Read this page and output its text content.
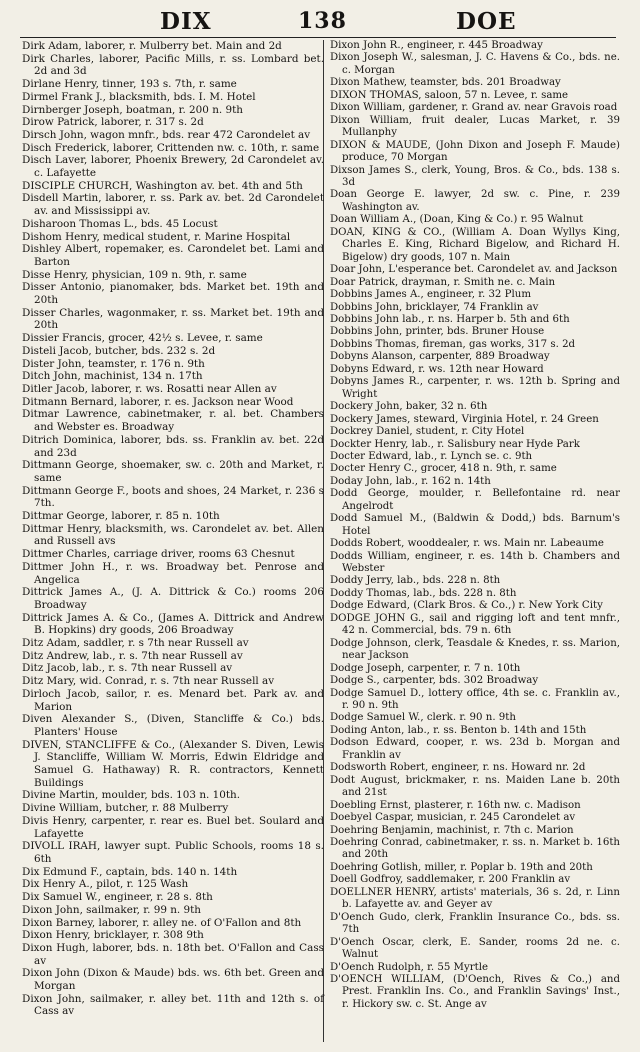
DIX	138	DOE
Dirk Adam, laborer, r. Mulberry bet. Main and 2d
Dirk Charles, laborer, Pacific Mills, r. ss. Lombard bet. 2d and 3d
Dirlane Henry, tinner, 193 s. 7th, r. same
Dirmel Frank J., blacksmith, bds. I. M. Hotel
Dirnberger Joseph, boatman, r. 200 n. 9th
Dirow Patrick, laborer, r. 317 s. 2d
Dirsch John, wagon mnfr., bds. rear 472 Carondelet av
Disch Frederick, laborer, Crittenden nw. c. 10th, r. same
Disch Laver, laborer, Phoenix Brewery, 2d Carondelet av. c. Lafayette
DISCIPLE CHURCH, Washington av. bet. 4th and 5th
Disdell Martin, laborer, r. ss. Park av. bet. 2d Carondelet av. and Mississippi av.
Disharoon Thomas L., bds. 45 Locust
Dishom Henry, medical student, r. Marine Hospital
Dishley Albert, ropemaker, es. Carondelet bet. Lami and Barton
Disse Henry, physician, 109 n. 9th, r. same
Disser Antonio, pianomaker, bds. Market bet. 19th and 20th
Disser Charles, wagonmaker, r. ss. Market bet. 19th and 20th
Dissier Francis, grocer, 42½ s. Levee, r. same
Disteli Jacob, butcher, bds. 232 s. 2d
Dister John, teamster, r. 176 n. 9th
Ditch John, machinist, 134 n. 17th
Ditler Jacob, laborer, r. ws. Rosatti near Allen av
Ditmann Bernard, laborer, r. es. Jackson near Wood
Ditmar Lawrence, cabinetmaker, r. al. bet. Chambers and Webster es. Broadway
Ditrich Dominica, laborer, bds. ss. Franklin av. bet. 22d and 23d
Dittmann George, shoemaker, sw. c. 20th and Market, r. same
Dittmann George F., boots and shoes, 24 Market, r. 236 s 7th.
Dittmar George, laborer, r. 85 n. 10th
Dittmar Henry, blacksmith, ws. Carondelet av. bet. Allen and Russell avs
Dittmer Charles, carriage driver, rooms 63 Chesnut
Dittmer John H., r. ws. Broadway bet. Penrose and Angelica
Dittrick James A., (J. A. Dittrick & Co.) rooms 206 Broadway
Dittrick James A. & Co., (James A. Dittrick and Andrew B. Hopkins) dry goods, 206 Broadway
Ditz Adam, saddler, r. s 7th near Russell av
Ditz Andrew, lab., r. s. 7th near Russell av
Ditz Jacob, lab., r. s. 7th near Russell av
Ditz Mary, wid. Conrad, r. s. 7th near Russell av
Dirloch Jacob, sailor, r. es. Menard bet. Park av. and Marion
Diven Alexander S., (Diven, Stancliffe & Co.) bds. Planters' House
DIVEN, STANCLIFFE & Co., (Alexander S. Diven, Lewis J. Stancliffe, William W. Morris, Edwin Eldridge and Samuel G. Hathaway) R. R. contractors, Kennett Buildings
Divine Martin, moulder, bds. 103 n. 10th.
Divine William, butcher, r. 88 Mulberry
Divis Henry, carpenter, r. rear es. Buel bet. Soulard and Lafayette
DIVOLL IRAH, lawyer supt. Public Schools, rooms 18 s. 6th
Dix Edmund F., captain, bds. 140 n. 14th
Dix Henry A., pilot, r. 125 Wash
Dix Samuel W., engineer, r. 28 s. 8th
Dixon John, sailmaker, r. 99 n. 9th
Dixon Barney, laborer, r. alley ne. of O'Fallon and 8th
Dixon Henry, bricklayer, r. 308 9th
Dixon Hugh, laborer, bds. n. 18th bet. O'Fallon and Cass av
Dixon John (Dixon & Maude) bds. ws. 6th bet. Green and Morgan
Dixon John, sailmaker, r. alley bet. 11th and 12th s. of Cass av
Dixon John R., engineer, r. 445 Broadway
Dixon Joseph W., salesman, J. C. Havens & Co., bds. ne. c. Morgan
Dixon Mathew, teamster, bds. 201 Broadway
DIXON THOMAS, saloon, 57 n. Levee, r. same
Dixon William, gardener, r. Grand av. near Gravois road
Dixon William, fruit dealer, Lucas Market, r. 39 Mullanphy
DIXON & MAUDE, (John Dixon and Joseph F. Maude) produce, 70 Morgan
Dixson James S., clerk, Young, Bros. & Co., bds. 138 s. 3d
Doan George E. lawyer, 2d sw. c. Pine, r. 239 Washington av.
Doan William A., (Doan, King & Co.) r. 95 Walnut
DOAN, KING & CO., (William A. Doan Wyllys King, Charles E. King, Richard Bigelow, and Richard H. Bigelow) dry goods, 107 n. Main
Doar John, L'esperance bet. Carondelet av. and Jackson
Doar Patrick, drayman, r. Smith ne. c. Main
Dobbins James A., engineer, r. 32 Plum
Dobbins John, bricklayer, 74 Franklin av
Dobbins John lab., r. ns. Harper b. 5th and 6th
Dobbins John, printer, bds. Bruner House
Dobbins Thomas, fireman, gas works, 317 s. 2d
Dobyns Alanson, carpenter, 889 Broadway
Dobyns Edward, r. ws. 12th near Howard
Dobyns James R., carpenter, r. ws. 12th b. Spring and Wright
Dockery John, baker, 32 n. 6th
Dockery James, steward, Virginia Hotel, r. 24 Green
Dockrey Daniel, student, r. City Hotel
Dockter Henry, lab., r. Salisbury near Hyde Park
Docter Edward, lab., r. Lynch se. c. 9th
Docter Henry C., grocer, 418 n. 9th, r. same
Doday John, lab., r. 162 n. 14th
Dodd George, moulder, r. Bellefontaine rd. near Angelrodt
Dodd Samuel M., (Baldwin & Dodd,) bds. Barnum's Hotel
Dodds Robert, wooddealer, r. ws. Main nr. Labeaume
Dodds William, engineer, r. es. 14th b. Chambers and Webster
Doddy Jerry, lab., bds. 228 n. 8th
Doddy Thomas, lab., bds. 228 n. 8th
Dodge Edward, (Clark Bros. & Co.,) r. New York City
DODGE JOHN G., sail and rigging loft and tent mnfr., 42 n. Commercial, bds. 79 n. 6th
Dodge Johnson, clerk, Teasdale & Knedes, r. ss. Marion, near Jackson
Dodge Joseph, carpenter, r. 7 n. 10th
Dodge S., carpenter, bds. 302 Broadway
Dodge Samuel D., lottery office, 4th se. c. Franklin av., r. 90 n. 9th
Dodge Samuel W., clerk. r. 90 n. 9th
Doding Anton, lab., r. ss. Benton b. 14th and 15th
Dodson Edward, cooper, r. ws. 23d b. Morgan and Franklin av
Dodsworth Robert, engineer, r. ns. Howard nr. 2d
Dodt August, brickmaker, r. ns. Maiden Lane b. 20th and 21st
Doebling Ernst, plasterer, r. 16th nw. c. Madison
Doebyel Caspar, musician, r. 245 Carondelet av
Doehring Benjamin, machinist, r. 7th c. Marion
Doehring Conrad, cabinetmaker, r. ss. n. Market b. 16th and 20th
Doehring Gotlish, miller, r. Poplar b. 19th and 20th
Doell Godfroy, saddlemaker, r. 200 Franklin av
DOELLNER HENRY, artists' materials, 36 s. 2d, r. Linn b. Lafayette av. and Geyer av
D'Oench Gudo, clerk, Franklin Insurance Co., bds. ss. 7th
D'Oench Oscar, clerk, E. Sander, rooms 2d ne. c. Walnut
D'Oench Rudolph, r. 55 Myrtle
D'OENCH WILLIAM, (D'Oench, Rives & Co.,) and Prest. Franklin Ins. Co., and Franklin Savings' Inst., r. Hickory sw. c. St. Ange av
